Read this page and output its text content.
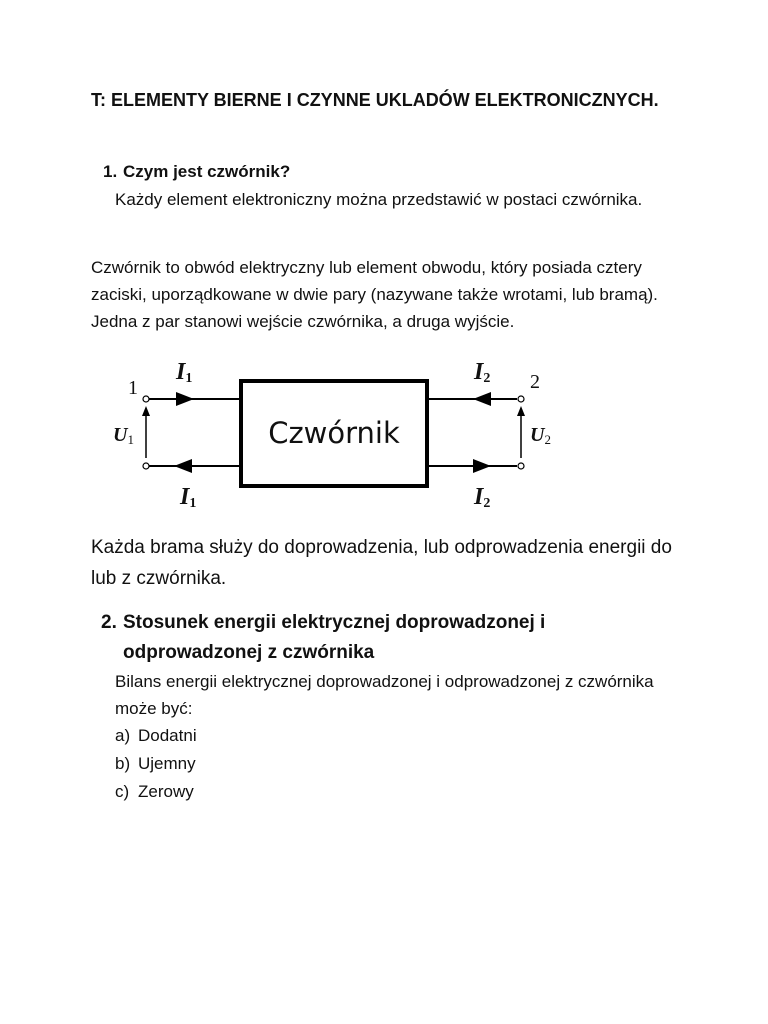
T: ELEMENTY BIERNE I CZYNNE UKLADÓW ELEKTRONICZNYCH.
1. Czym jest czwórnik?

Każdy element elektroniczny można przedstawić w postaci czwórnika.

Czwórnik to obwód elektryczny lub element obwodu, który posiada cztery zaciski, uporządkowane w dwie pary (nazywane także wrotami, lub bramą). Jedna z par stanowi wejście czwórnika, a druga wyjście.

Czwórnik
1	2
I1
I1
I2
I2
U1	U2

Każda brama służy do doprowadzenia, lub odprowadzenia energii do lub z czwórnika.

2. Stosunek energii elektrycznej doprowadzonej i
odprowadzonej z czwórnika

Bilans energii elektrycznej doprowadzonej i odprowadzonej z czwórnika może być:

a) Dodatni
b) Ujemny
c) Zerowy
